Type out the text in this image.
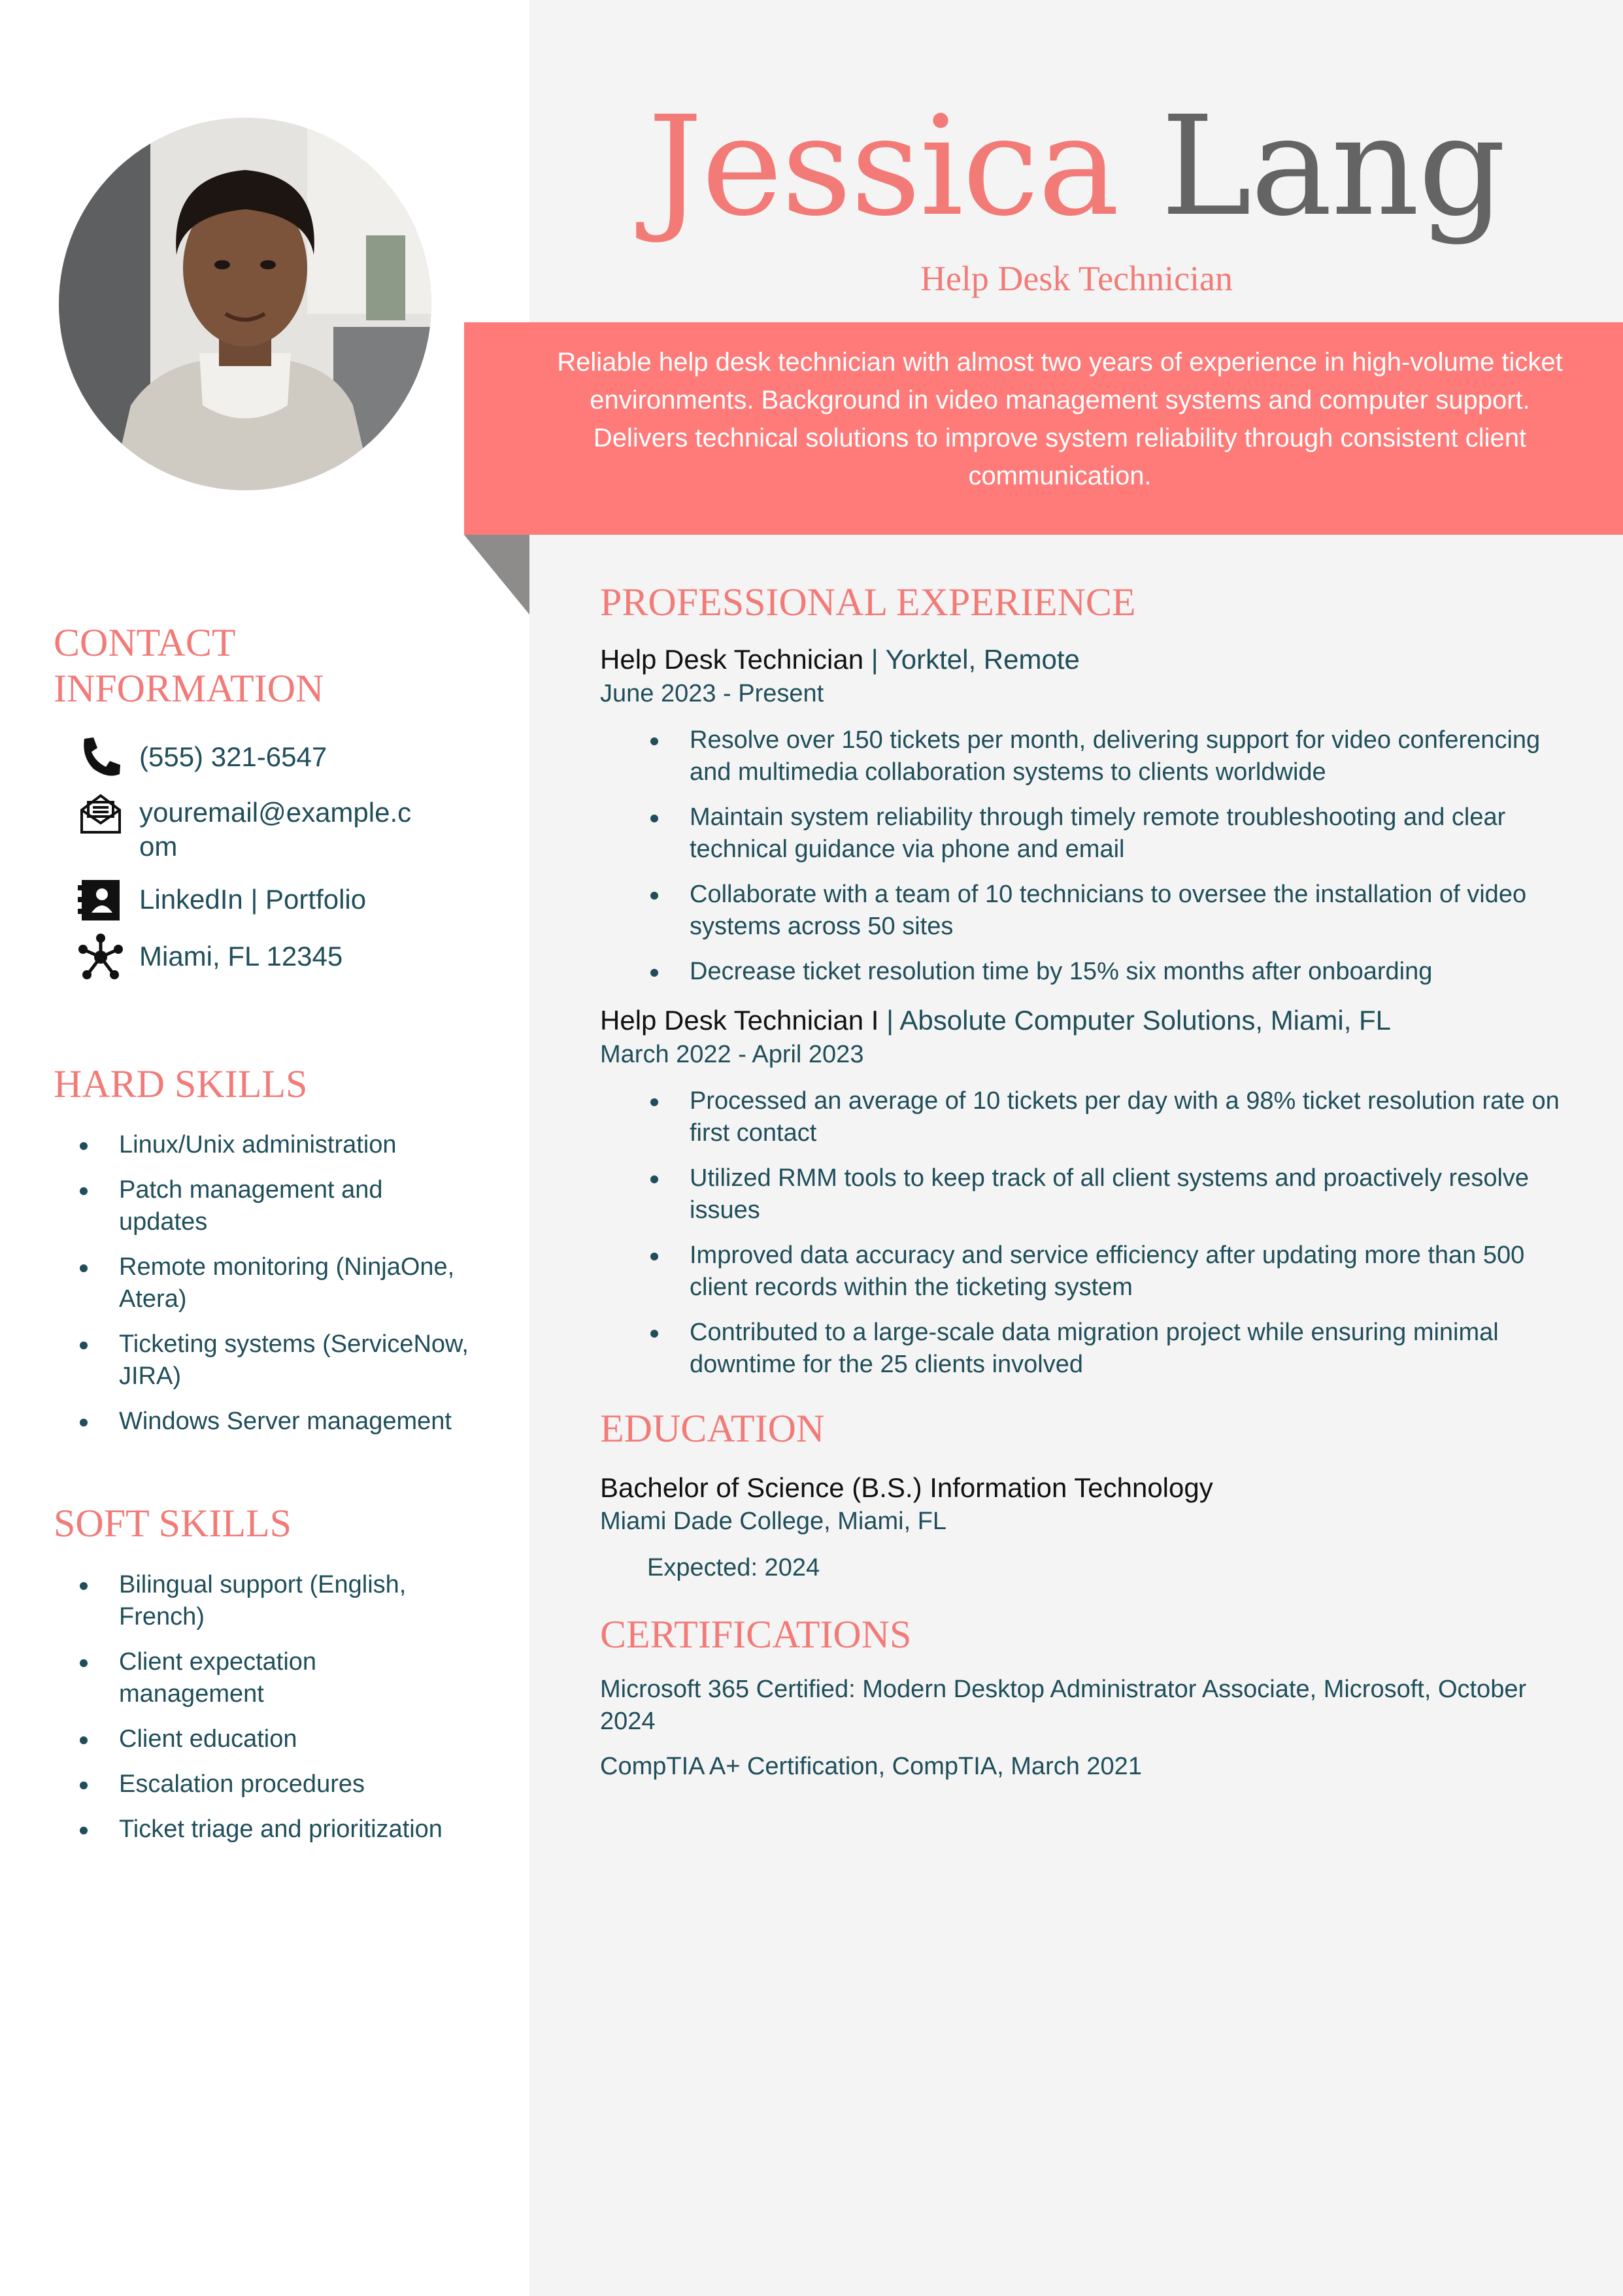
Jessica Lang
Help Desk Technician

Reliable help desk technician with almost two years of experience in high-volume ticket environments. Background in video management systems and computer support. Delivers technical solutions to improve system reliability through consistent client communication.

CONTACT
INFORMATION
(555) 321-6547
youremail@example.c
om
LinkedIn | Portfolio
Miami, FL 12345
HARD SKILLS
Linux/Unix administration
Patch management and updates
Remote monitoring (NinjaOne, Atera)
Ticketing systems (ServiceNow, JIRA)
Windows Server management
SOFT SKILLS
Bilingual support (English, French)
Client expectation management
Client education
Escalation procedures
Ticket triage and prioritization
PROFESSIONAL EXPERIENCE
Help Desk Technician | Yorktel, Remote
June 2023 - Present
Resolve over 150 tickets per month, delivering support for video conferencing and multimedia collaboration systems to clients worldwide
Maintain system reliability through timely remote troubleshooting and clear technical guidance via phone and email
Collaborate with a team of 10 technicians to oversee the installation of video systems across 50 sites
Decrease ticket resolution time by 15% six months after onboarding
Help Desk Technician I | Absolute Computer Solutions, Miami, FL
March 2022 - April 2023
Processed an average of 10 tickets per day with a 98% ticket resolution rate on first contact
Utilized RMM tools to keep track of all client systems and proactively resolve issues
Improved data accuracy and service efficiency after updating more than 500 client records within the ticketing system
Contributed to a large-scale data migration project while ensuring minimal downtime for the 25 clients involved
EDUCATION
Bachelor of Science (B.S.) Information Technology
Miami Dade College, Miami, FL
Expected: 2024
CERTIFICATIONS
Microsoft 365 Certified: Modern Desktop Administrator Associate, Microsoft, October 2024
CompTIA A+ Certification, CompTIA, March 2021
